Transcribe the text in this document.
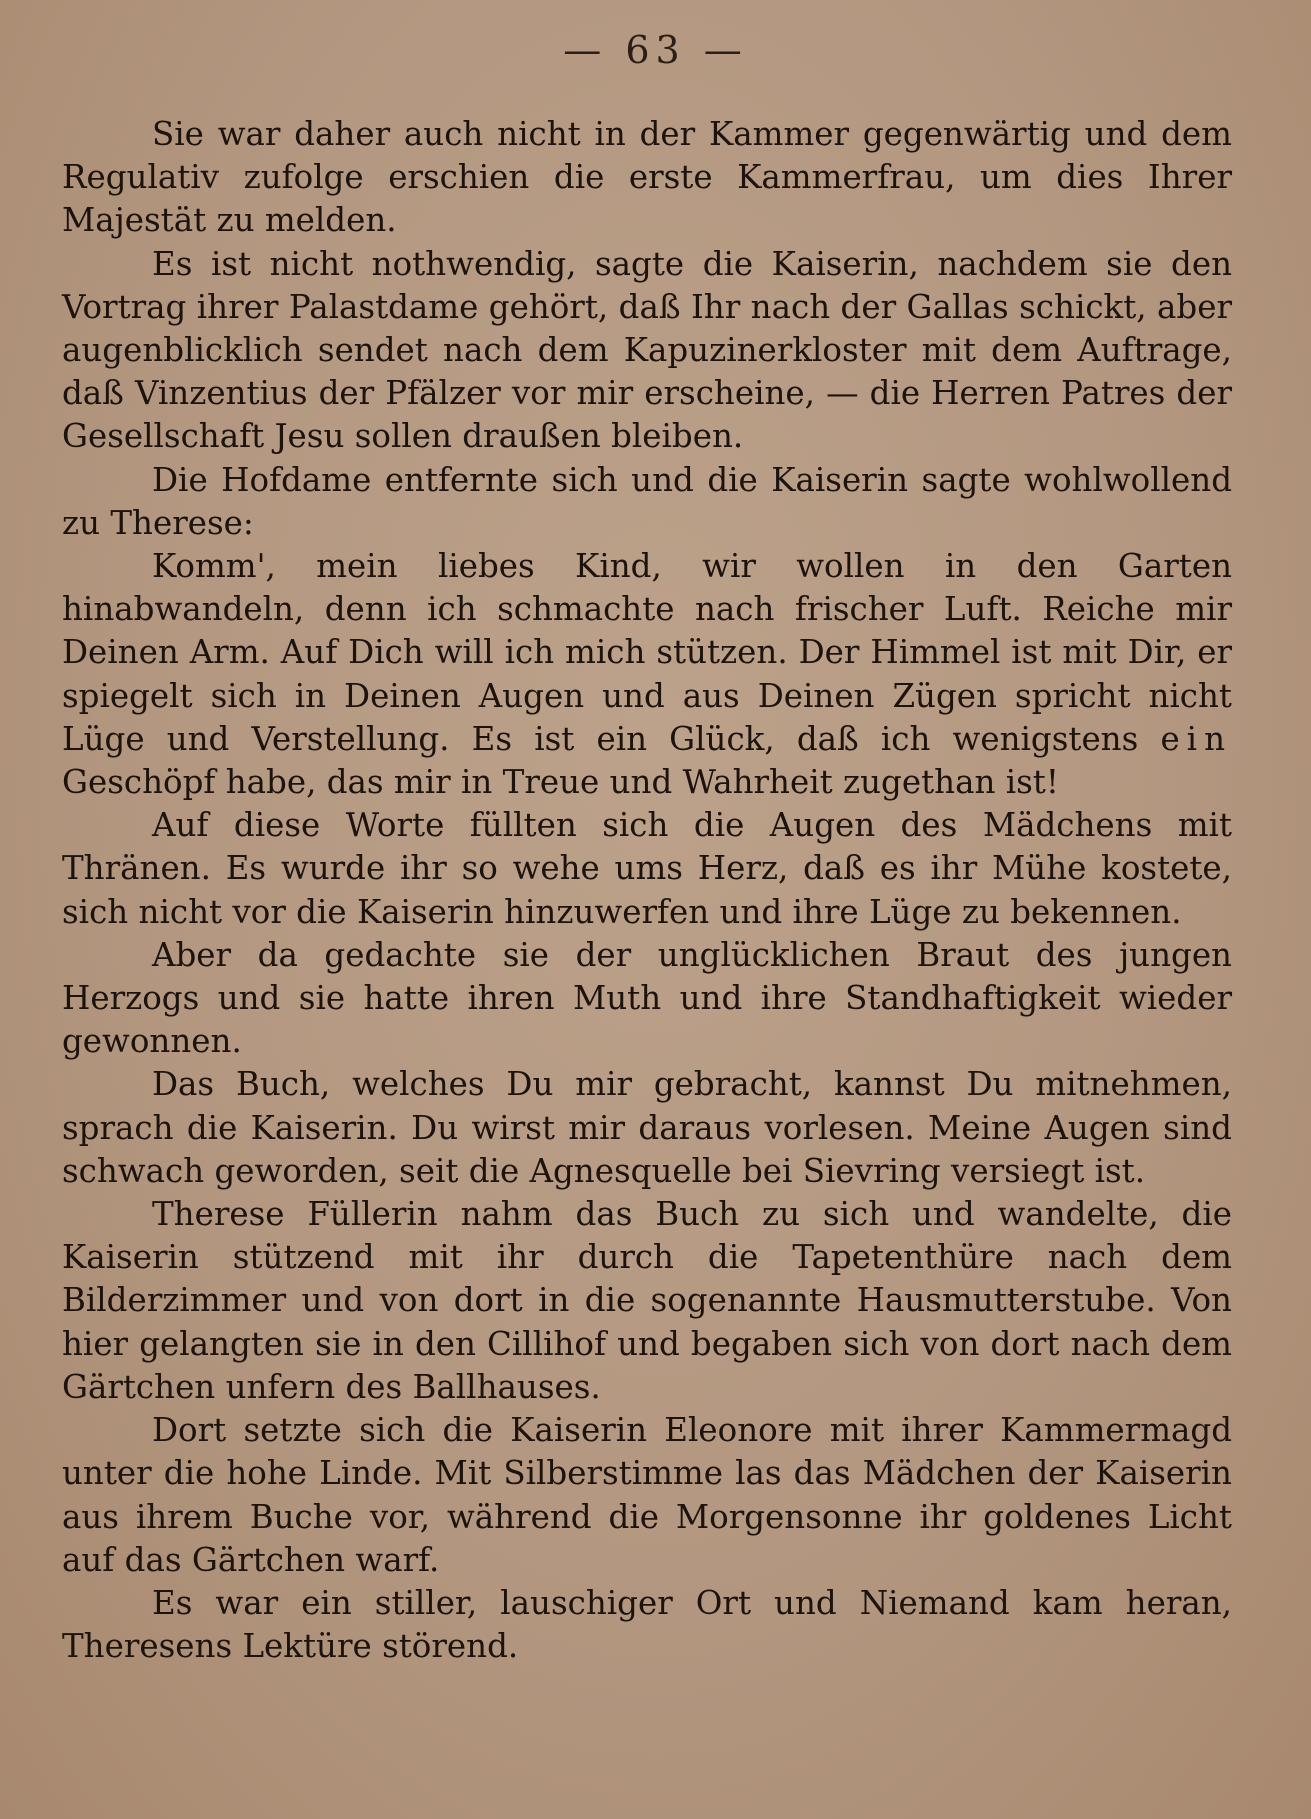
— 63 —

Sie war daher auch nicht in der Kammer gegenwärtig und dem Regulativ zufolge erschien die erste Kammerfrau, um dies Ihrer Majestät zu melden.

Es ist nicht nothwendig, sagte die Kaiserin, nachdem sie den Vortrag ihrer Palastdame gehört, daß Ihr nach der Gallas schickt, aber augenblicklich sendet nach dem Kapuzinerkloster mit dem Auftrage, daß Vinzentius der Pfälzer vor mir erscheine, — die Herren Patres der Gesellschaft Jesu sollen draußen bleiben.

Die Hofdame entfernte sich und die Kaiserin sagte wohlwollend zu Therese:

Komm', mein liebes Kind, wir wollen in den Garten hinabwandeln, denn ich schmachte nach frischer Luft. Reiche mir Deinen Arm. Auf Dich will ich mich stützen. Der Himmel ist mit Dir, er spiegelt sich in Deinen Augen und aus Deinen Zügen spricht nicht Lüge und Verstellung. Es ist ein Glück, daß ich wenigstens ein Geschöpf habe, das mir in Treue und Wahrheit zugethan ist!

Auf diese Worte füllten sich die Augen des Mädchens mit Thränen. Es wurde ihr so wehe ums Herz, daß es ihr Mühe kostete, sich nicht vor die Kaiserin hinzuwerfen und ihre Lüge zu bekennen.

Aber da gedachte sie der unglücklichen Braut des jungen Herzogs und sie hatte ihren Muth und ihre Standhaftigkeit wieder gewonnen.

Das Buch, welches Du mir gebracht, kannst Du mitnehmen, sprach die Kaiserin. Du wirst mir daraus vorlesen. Meine Augen sind schwach geworden, seit die Agnesquelle bei Sievring versiegt ist.

Therese Füllerin nahm das Buch zu sich und wandelte, die Kaiserin stützend mit ihr durch die Tapetenthüre nach dem Bilderzimmer und von dort in die sogenannte Hausmutterstube. Von hier gelangten sie in den Cillihof und begaben sich von dort nach dem Gärtchen unfern des Ballhauses.

Dort setzte sich die Kaiserin Eleonore mit ihrer Kammermagd unter die hohe Linde. Mit Silberstimme las das Mädchen der Kaiserin aus ihrem Buche vor, während die Morgensonne ihr goldenes Licht auf das Gärtchen warf.

Es war ein stiller, lauschiger Ort und Niemand kam heran, Theresens Lektüre störend.
